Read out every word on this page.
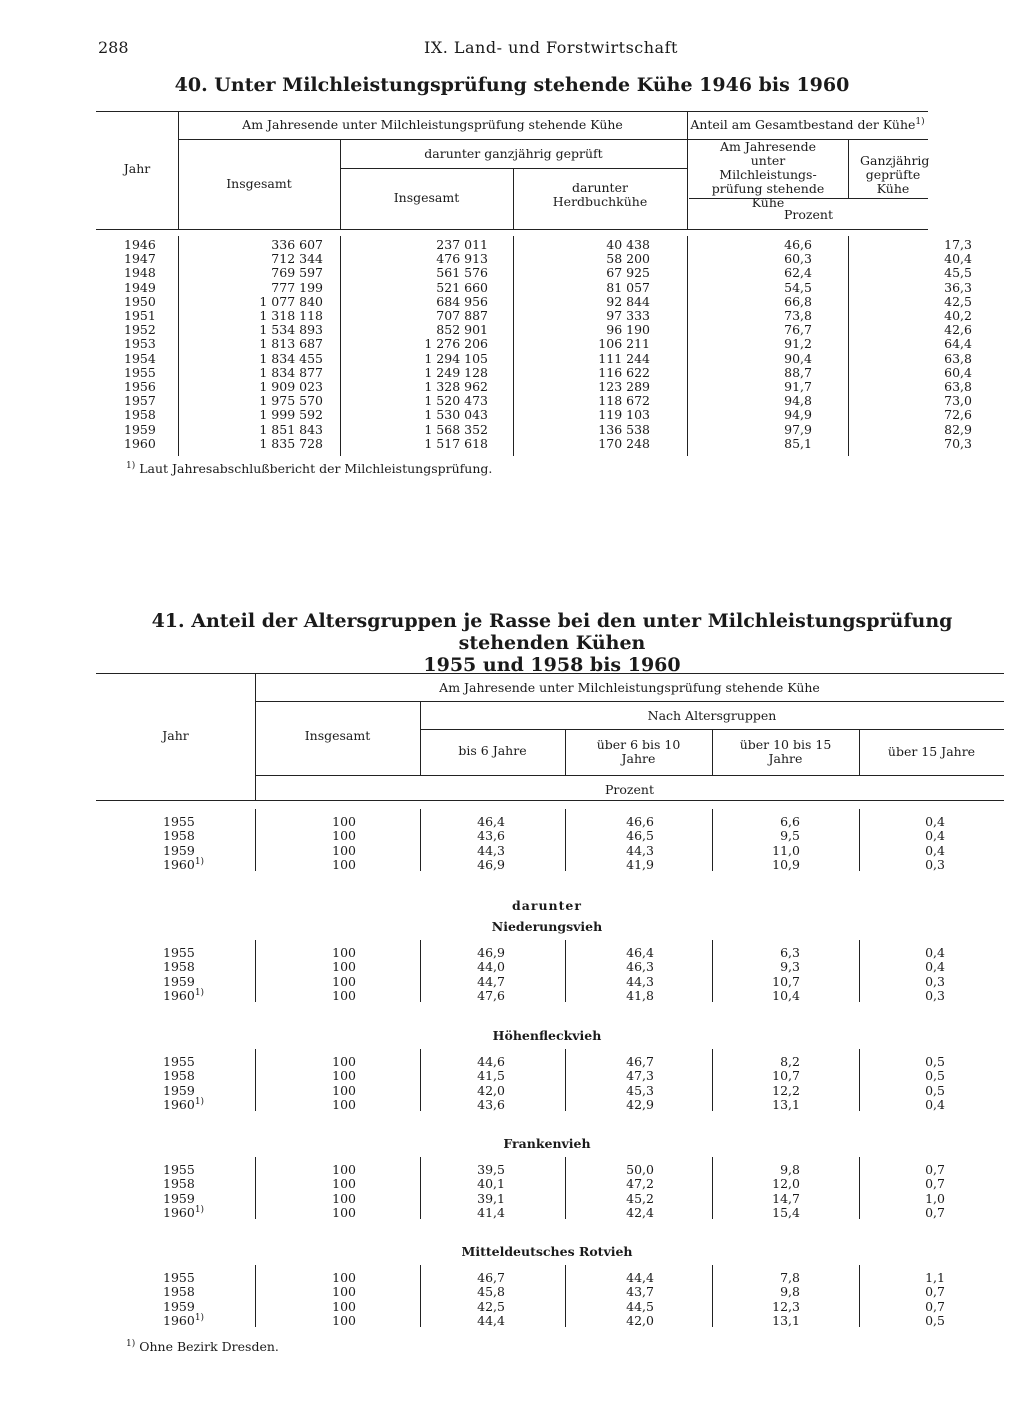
288	IX. Land- und Forstwirtschaft
40. Unter Milchleistungsprüfung stehende Kühe 1946 bis 1960
Jahr
Am Jahresende unter Milchleistungsprüfung stehende Kühe
Insgesamt
darunter ganzjährig geprüft
Insgesamt
darunter Herdbuchkühe
Anteil am Gesamtbestand der Kühe$^{1)}$
Am Jahresende unter Milchleistungs-prüfung stehende Kühe
Ganzjährig geprüfte Kühe
Prozent
1946	336 607	237 011	40 438	46,6	17,3
1947	712 344	476 913	58 200	60,3	40,4
1948	769 597	561 576	67 925	62,4	45,5
1949	777 199	521 660	81 057	54,5	36,3
1950	1 077 840	684 956	92 844	66,8	42,5
1951	1 318 118	707 887	97 333	73,8	40,2
1952	1 534 893	852 901	96 190	76,7	42,6
1953	1 813 687	1 276 206	106 211	91,2	64,4
1954	1 834 455	1 294 105	111 244	90,4	63,8
1955	1 834 877	1 249 128	116 622	88,7	60,4
1956	1 909 023	1 328 962	123 289	91,7	63,8
1957	1 975 570	1 520 473	118 672	94,8	73,0
1958	1 999 592	1 530 043	119 103	94,9	72,6
1959	1 851 843	1 568 352	136 538	97,9	82,9
1960	1 835 728	1 517 618	170 248	85,1	70,3
$^{1)}$ Laut Jahresabschlußbericht der Milchleistungsprüfung.
41. Anteil der Altersgruppen je Rasse bei den unter Milchleistungsprüfung stehenden Kühen
1955 und 1958 bis 1960
Jahr
Am Jahresende unter Milchleistungsprüfung stehende Kühe
Insgesamt
Nach Altersgruppen
bis 6 Jahre	über 6 bis 10 Jahre
über 10 bis 15 Jahre	über 15 Jahre
Prozent
darunter
1955	100	46,4	46,6	6,6	0,4
1958	100	43,6	46,5	9,5	0,4
1959	100	44,3	44,3	11,0	0,4
1960$^{1)}$	100	46,9	41,9	10,9	0,3
Niederungsvieh
1955	100	46,9	46,4	6,3	0,4
1958	100	44,0	46,3	9,3	0,4
1959	100	44,7	44,3	10,7	0,3
1960$^{1)}$	100	47,6	41,8	10,4	0,3
Höhenfleckvieh
1955	100	44,6	46,7	8,2	0,5
1958	100	41,5	47,3	10,7	0,5
1959	100	42,0	45,3	12,2	0,5
1960$^{1)}$	100	43,6	42,9	13,1	0,4
Frankenvieh
1955	100	39,5	50,0	9,8	0,7
1958	100	40,1	47,2	12,0	0,7
1959	100	39,1	45,2	14,7	1,0
1960$^{1)}$	100	41,4	42,4	15,4	0,7
Mitteldeutsches Rotvieh
1955	100	46,7	44,4	7,8	1,1
1958	100	45,8	43,7	9,8	0,7
1959	100	42,5	44,5	12,3	0,7
1960$^{1)}$	100	44,4	42,0	13,1	0,5
$^{1)}$ Ohne Bezirk Dresden.
